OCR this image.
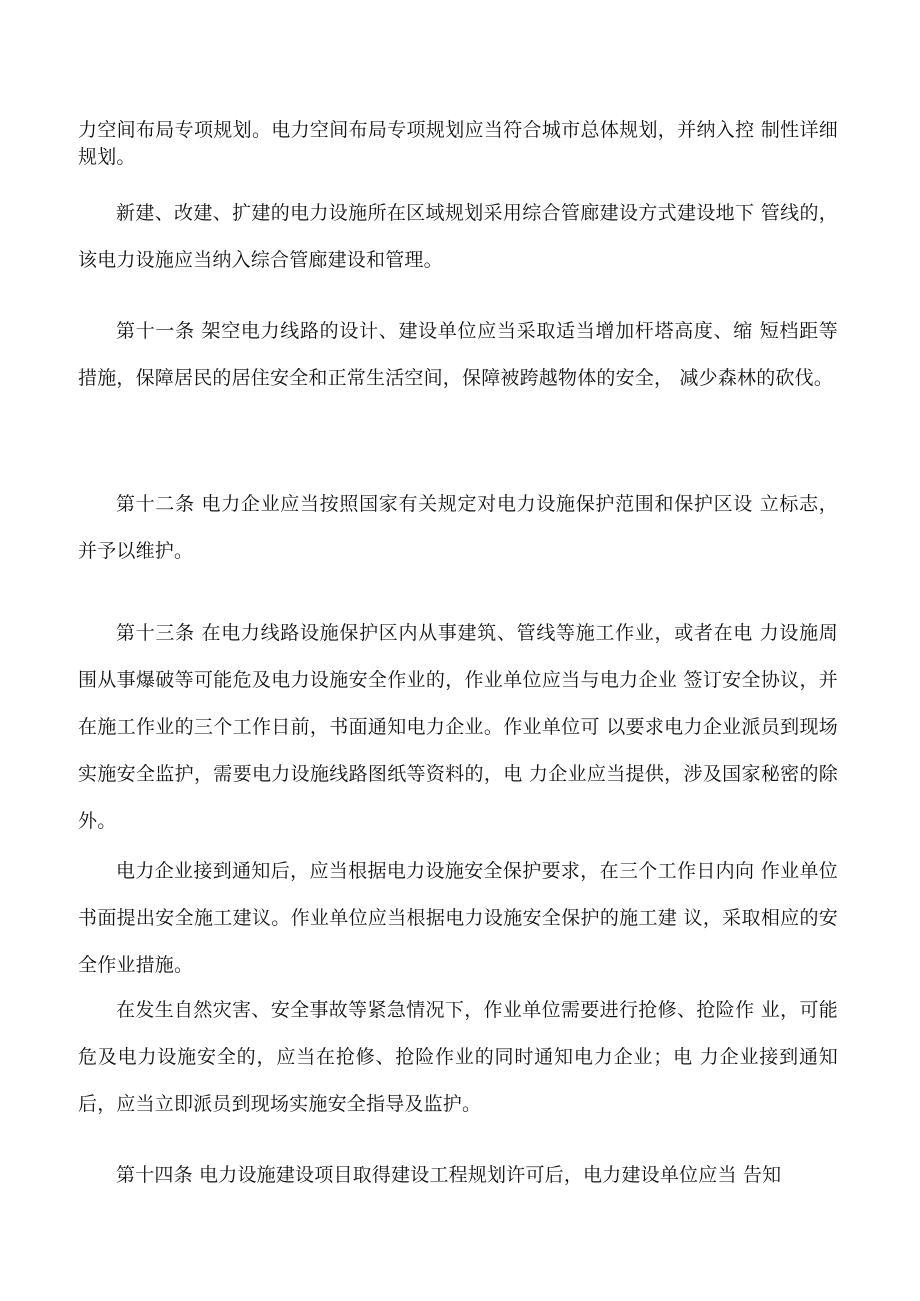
力空间布局专项规划。电力空间布局专项规划应当符合城市总体规划，并纳入控 制性详细规划。

新建、改建、扩建的电力设施所在区域规划采用综合管廊建设方式建设地下 管线的，该电力设施应当纳入综合管廊建设和管理。

第十一条 架空电力线路的设计、建设单位应当采取适当增加杆塔高度、缩 短档距等措施，保障居民的居住安全和正常生活空间，保障被跨越物体的安全， 减少森林的砍伐。

第十二条 电力企业应当按照国家有关规定对电力设施保护范围和保护区设 立标志，并予以维护。

第十三条 在电力线路设施保护区内从事建筑、管线等施工作业，或者在电 力设施周围从事爆破等可能危及电力设施安全作业的，作业单位应当与电力企业 签订安全协议，并在施工作业的三个工作日前，书面通知电力企业。作业单位可 以要求电力企业派员到现场实施安全监护，需要电力设施线路图纸等资料的，电 力企业应当提供，涉及国家秘密的除外。

电力企业接到通知后，应当根据电力设施安全保护要求，在三个工作日内向 作业单位书面提出安全施工建议。作业单位应当根据电力设施安全保护的施工建 议，采取相应的安全作业措施。

在发生自然灾害、安全事故等紧急情况下，作业单位需要进行抢修、抢险作 业，可能危及电力设施安全的，应当在抢修、抢险作业的同时通知电力企业；电 力企业接到通知后，应当立即派员到现场实施安全指导及监护。

第十四条 电力设施建设项目取得建设工程规划许可后，电力建设单位应当 告知
